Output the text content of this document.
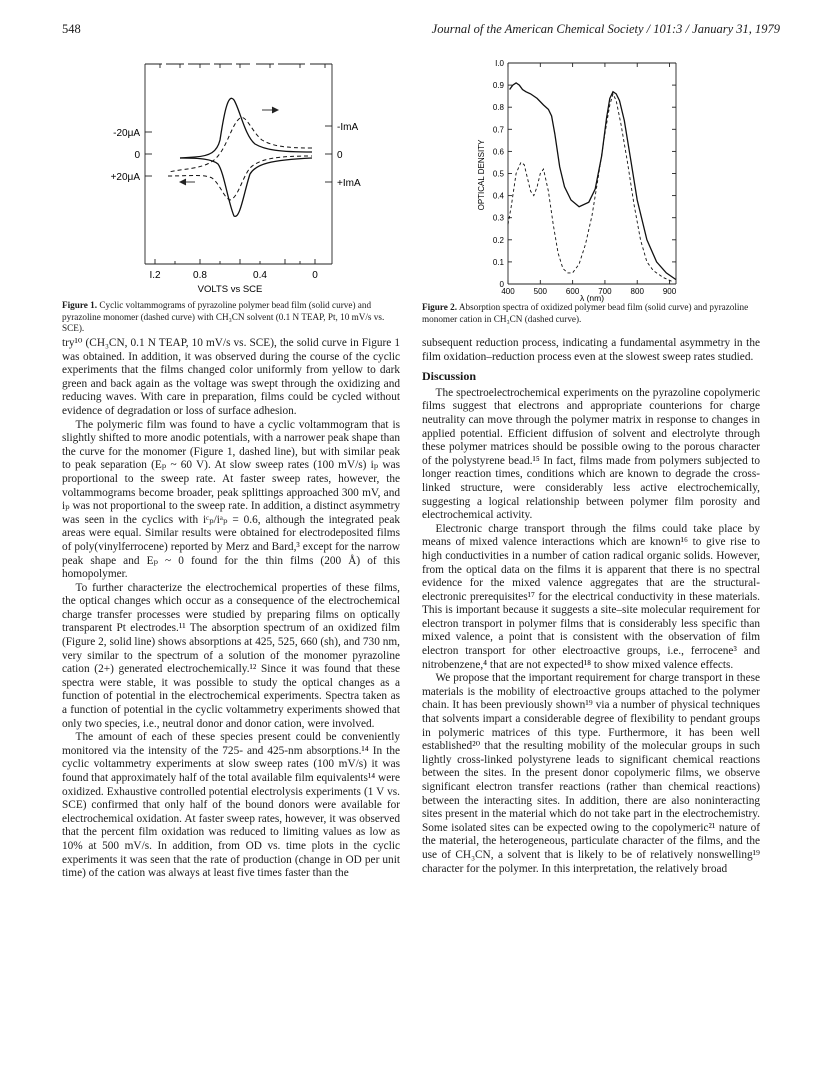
548	Journal of the American Chemical Society / 101:3 / January 31, 1979
-20μA
0
+20μA
-ImA
0
+ImA
I.2	0.8	0.4	0
VOLTS vs SCE
Figure 1. Cyclic voltammograms of pyrazoline polymer bead film (solid curve) and pyrazoline monomer (dashed curve) with CH₃CN solvent (0.1 N TEAP, Pt, 10 mV/s vs. SCE).
OPTICAL DENSITY
I.0
0.9
0.8
0.7
0.6
0.5
0.4
0.3
0.2
0.1
0
400 500 600 700 800 900
λ (nm)
Figure 2. Absorption spectra of oxidized polymer bead film (solid curve) and pyrazoline monomer cation in CH₃CN (dashed curve).

try¹⁰ (CH₃CN, 0.1 N TEAP, 10 mV/s vs. SCE), the solid curve in Figure 1 was obtained. In addition, it was observed during the course of the cyclic experiments that the films changed color uniformly from yellow to dark green and back again as the voltage was swept through the oxidizing and reducing waves. With care in preparation, films could be cycled without evidence of degradation or loss of surface adhesion.

The polymeric film was found to have a cyclic voltammogram that is slightly shifted to more anodic potentials, with a narrower peak shape than the curve for the monomer (Figure 1, dashed line), but with similar peak to peak separation (Eₚ ~ 60 V). At slow sweep rates (100 mV/s) iₚ was proportional to the sweep rate. At faster sweep rates, however, the voltammograms become broader, peak splittings approached 300 mV, and iₚ was not proportional to the sweep rate. In addition, a distinct asymmetry was seen in the cyclics with iᶜₚ/iᵃₚ = 0.6, although the integrated peak areas were equal. Similar results were obtained for electrodeposited films of poly(vinylferrocene) reported by Merz and Bard,³ except for the narrow peak shape and Eₚ ~ 0 found for the thin films (200 Å) of this homopolymer.

To further characterize the electrochemical properties of these films, the optical changes which occur as a consequence of the electrochemical charge transfer processes were studied by preparing films on optically transparent Pt electrodes.¹¹ The absorption spectrum of an oxidized film (Figure 2, solid line) shows absorptions at 425, 525, 660 (sh), and 730 nm, very similar to the spectrum of a solution of the monomer pyrazoline cation (2+) generated electrochemically.¹² Since it was found that these spectra were stable, it was possible to study the optical changes as a function of potential in the electrochemical experiments. Spectra taken as a function of potential in the cyclic voltammetry experiments showed that only two species, i.e., neutral donor and donor cation, were involved.

The amount of each of these species present could be conveniently monitored via the intensity of the 725- and 425-nm absorptions.¹⁴ In the cyclic voltammetry experiments at slow sweep rates (100 mV/s) it was found that approximately half of the total available film equivalents¹⁴ were oxidized. Exhaustive controlled potential electrolysis experiments (1 V vs. SCE) confirmed that only half of the bound donors were available for electrochemical oxidation. At faster sweep rates, however, it was observed that the percent film oxidation was reduced to limiting values as low as 10% at 500 mV/s. In addition, from OD vs. time plots in the cyclic experiments it was seen that the rate of production (change in OD per unit time) of the cation was always at least five times faster than the

subsequent reduction process, indicating a fundamental asymmetry in the film oxidation–reduction process even at the slowest sweep rates studied.

Discussion

The spectroelectrochemical experiments on the pyrazoline copolymeric films suggest that electrons and appropriate counterions for charge neutrality can move through the polymer matrix in response to changes in applied potential. Efficient diffusion of solvent and electrolyte through these polymer matrices should be possible owing to the porous character of the polystyrene bead.¹⁵ In fact, films made from polymers subjected to longer reaction times, conditions which are known to degrade the cross-linked structure, were considerably less active electrochemically, suggesting a logical relationship between polymer film porosity and electrochemical activity.

Electronic charge transport through the films could take place by means of mixed valence interactions which are known¹⁶ to give rise to high conductivities in a number of cation radical organic solids. However, from the optical data on the films it is apparent that there is no spectral evidence for the mixed valence aggregates that are the structural-electronic prerequisites¹⁷ for the electrical conductivity in these materials. This is important because it suggests a site–site molecular requirement for electron transport in polymer films that is considerably less specific than mixed valence, a point that is consistent with the observation of film electron transport for other electroactive groups, i.e., ferrocene³ and nitrobenzene,⁴ that are not expected¹⁸ to show mixed valence effects.

We propose that the important requirement for charge transport in these materials is the mobility of electroactive groups attached to the polymer chain. It has been previously shown¹⁹ via a number of physical techniques that solvents impart a considerable degree of flexibility to pendant groups in polymeric matrices of this type. Furthermore, it has been well established²⁰ that the resulting mobility of the molecular groups in such lightly cross-linked polystyrene leads to significant chemical reactions between the sites. In the present donor copolymeric films, we observe significant electron transfer reactions (rather than chemical reactions) between the interacting sites. In addition, there are also noninteracting sites present in the material which do not take part in the electrochemistry. Some isolated sites can be expected owing to the copolymeric²¹ nature of the material, the heterogeneous, particulate character of the films, and the use of CH₃CN, a solvent that is likely to be of relatively nonswelling¹⁹ character for the polymer. In this interpretation, the relatively broad
